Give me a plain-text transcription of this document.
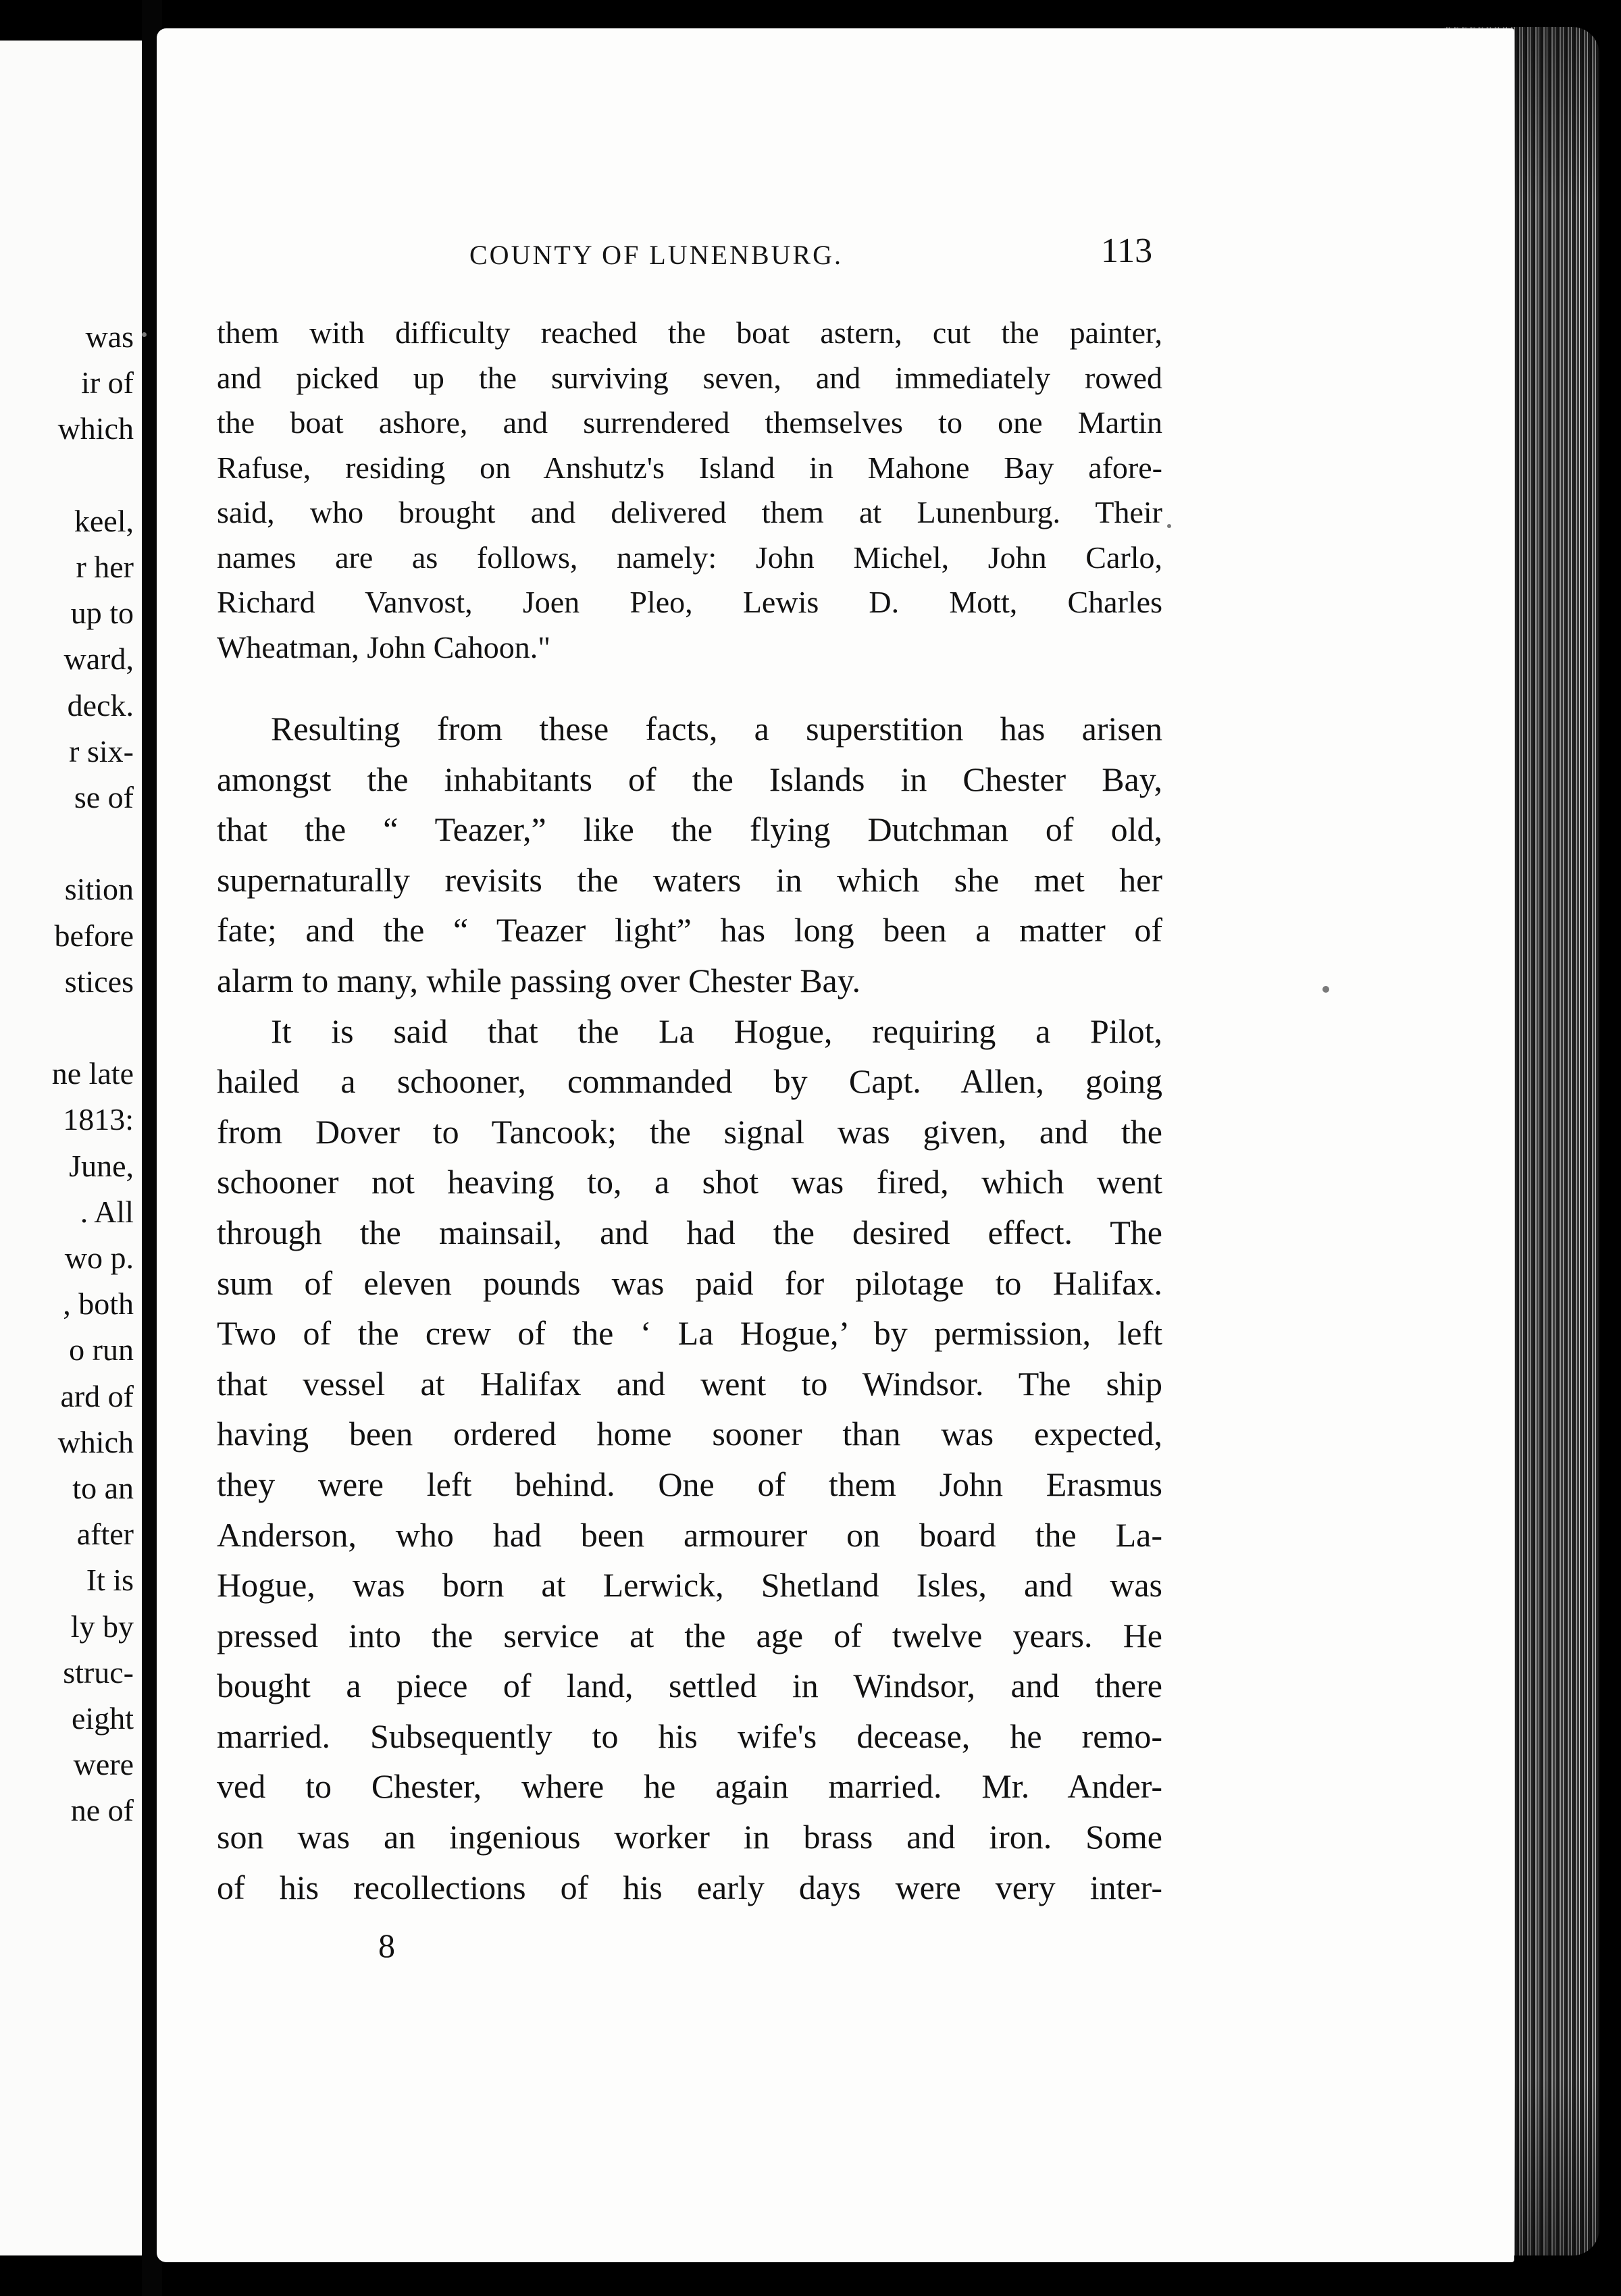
was
ir of
which
keel,
r her
up to
ward,
deck.
r six-
se of
sition
before
stices
ne late
1813:
June,
. All
wo p.
, both
o run
ard of
which
to an
after
It is
ly by
struc-
eight
were
ne of
COUNTY OF LUNENBURG.	113
them with difficulty reached the boat astern, cut the painter,
and picked up the surviving seven, and immediately rowed
the boat ashore, and surrendered themselves to one Martin
Rafuse, residing on Anshutz's Island in Mahone Bay afore-
said, who brought and delivered them at Lunenburg. Their
names are as follows, namely: John Michel, John Carlo,
Richard Vanvost, Joen Pleo, Lewis D. Mott, Charles
Wheatman, John Cahoon."
Resulting from these facts, a superstition has arisen
amongst the inhabitants of the Islands in Chester Bay,
that the “ Teazer,” like the flying Dutchman of old,
supernaturally revisits the waters in which she met her
fate; and the “ Teazer light” has long been a matter of
alarm to many, while passing over Chester Bay.
It is said that the La Hogue, requiring a Pilot,
hailed a schooner, commanded by Capt. Allen, going
from Dover to Tancook; the signal was given, and the
schooner not heaving to, a shot was fired, which went
through the mainsail, and had the desired effect. The
sum of eleven pounds was paid for pilotage to Halifax.
Two of the crew of the ‘ La Hogue,’ by permission, left
that vessel at Halifax and went to Windsor. The ship
having been ordered home sooner than was expected,
they were left behind. One of them John Erasmus
Anderson, who had been armourer on board the La-
Hogue, was born at Lerwick, Shetland Isles, and was
pressed into the service at the age of twelve years. He
bought a piece of land, settled in Windsor, and there
married. Subsequently to his wife's decease, he remo-
ved to Chester, where he again married. Mr. Ander-
son was an ingenious worker in brass and iron. Some
of his recollections of his early days were very inter-
8
